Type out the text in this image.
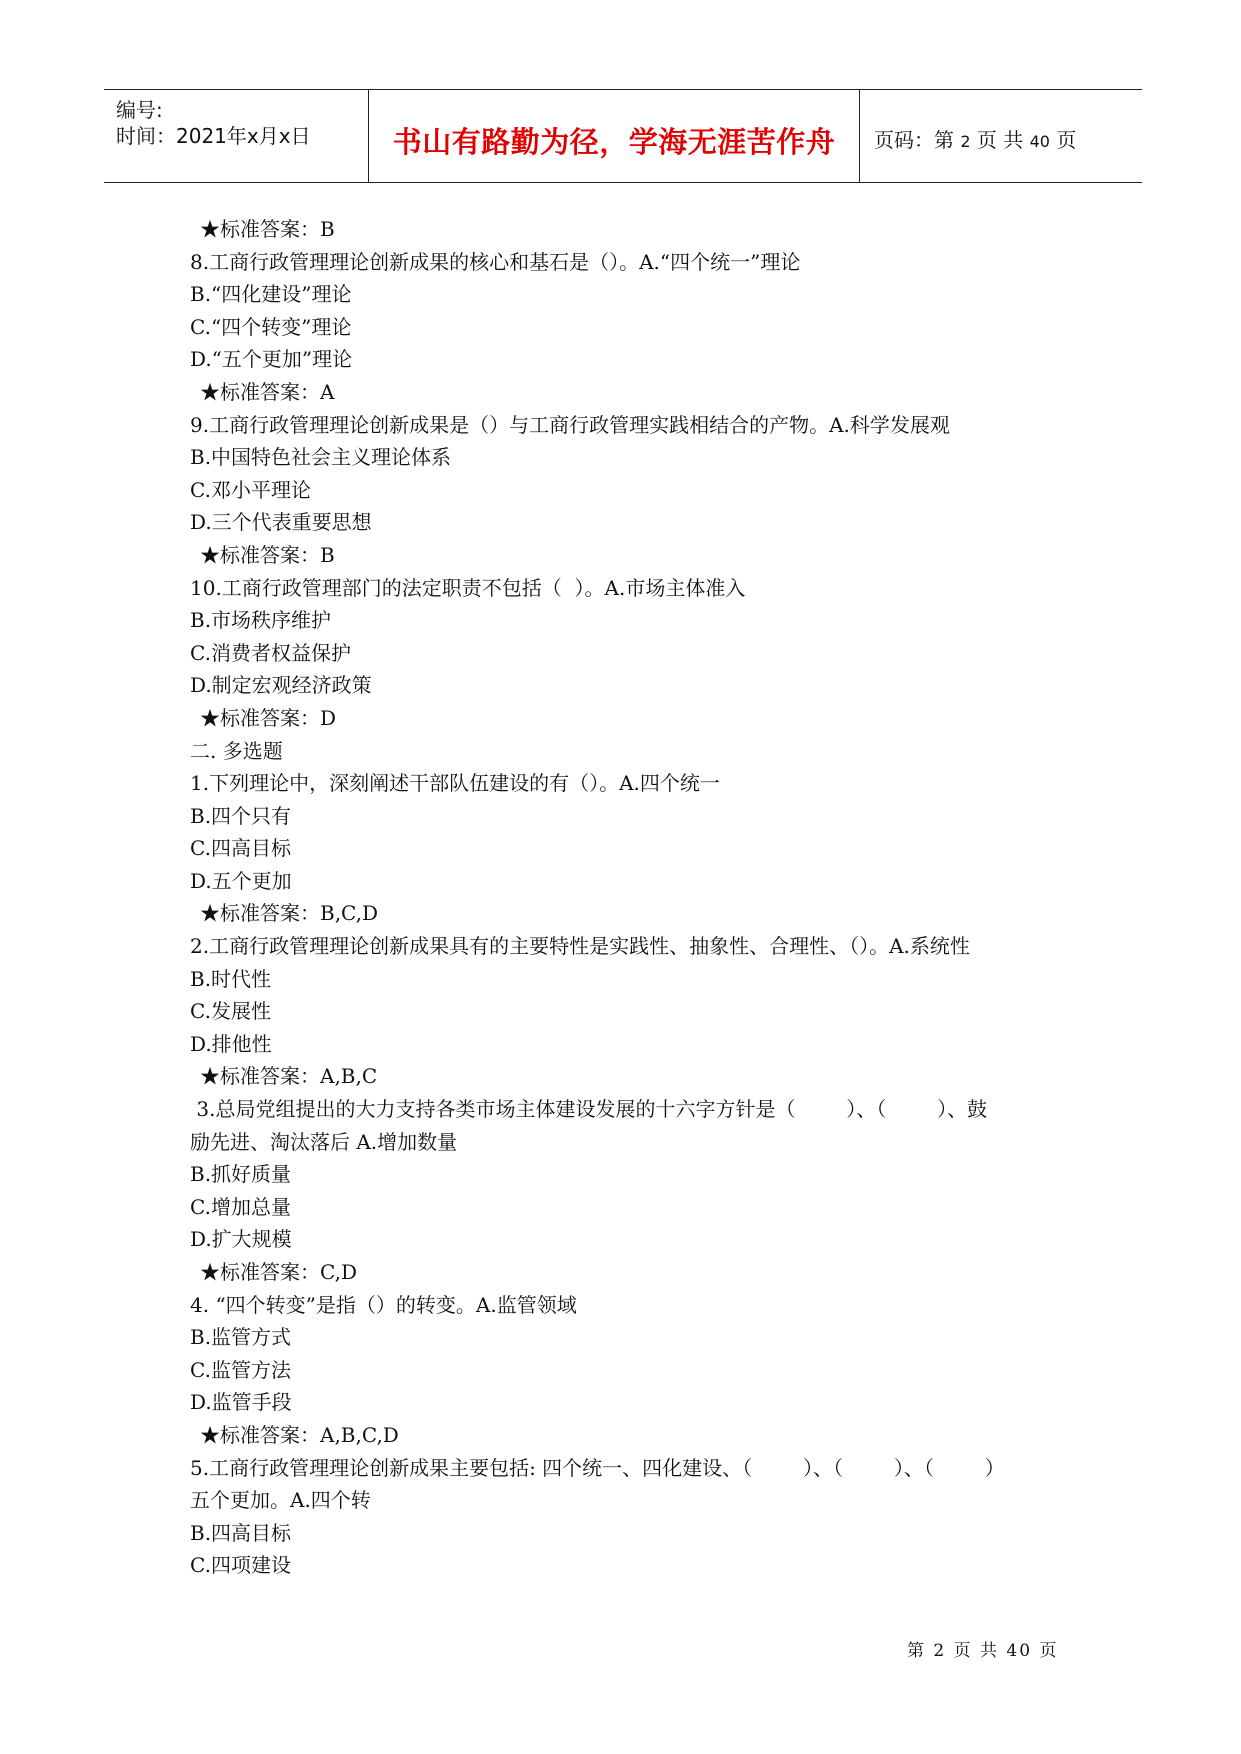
编号:
时间：2021年x月x日	书山有路勤为径，学海无涯苦作舟	页码：第 2 页 共 40 页
★标准答案：B
8.工商行政管理理论创新成果的核心和基石是（）。A.“四个统一”理论
B.“四化建设”理论
C.“四个转变”理论
D.“五个更加”理论
★标准答案：A
9.工商行政管理理论创新成果是（）与工商行政管理实践相结合的产物。A.科学发展观
B.中国特色社会主义理论体系
C.邓小平理论
D.三个代表重要思想
★标准答案：B
10.工商行政管理部门的法定职责不包括（  ）。A.市场主体准入
B.市场秩序维护
C.消费者权益保护
D.制定宏观经济政策
★标准答案：D
二. 多选题
1.下列理论中，深刻阐述干部队伍建设的有（）。A.四个统一
B.四个只有
C.四高目标
D.五个更加
★标准答案：B,C,D
2.工商行政管理理论创新成果具有的主要特性是实践性、抽象性、合理性、（）。A.系统性
B.时代性
C.发展性
D.排他性
★标准答案：A,B,C
3.总局党组提出的大力支持各类市场主体建设发展的十六字方针是（        ）、（        ）、鼓
励先进、淘汰落后 A.增加数量
B.抓好质量
C.增加总量
D.扩大规模
★标准答案：C,D
4. “四个转变”是指（）的转变。A.监管领域
B.监管方式
C.监管方法
D.监管手段
★标准答案：A,B,C,D
5.工商行政管理理论创新成果主要包括: 四个统一、四化建设、（        ）、（        ）、（        ）
五个更加。A.四个转
B.四高目标
C.四项建设
第 2 页 共 40 页
